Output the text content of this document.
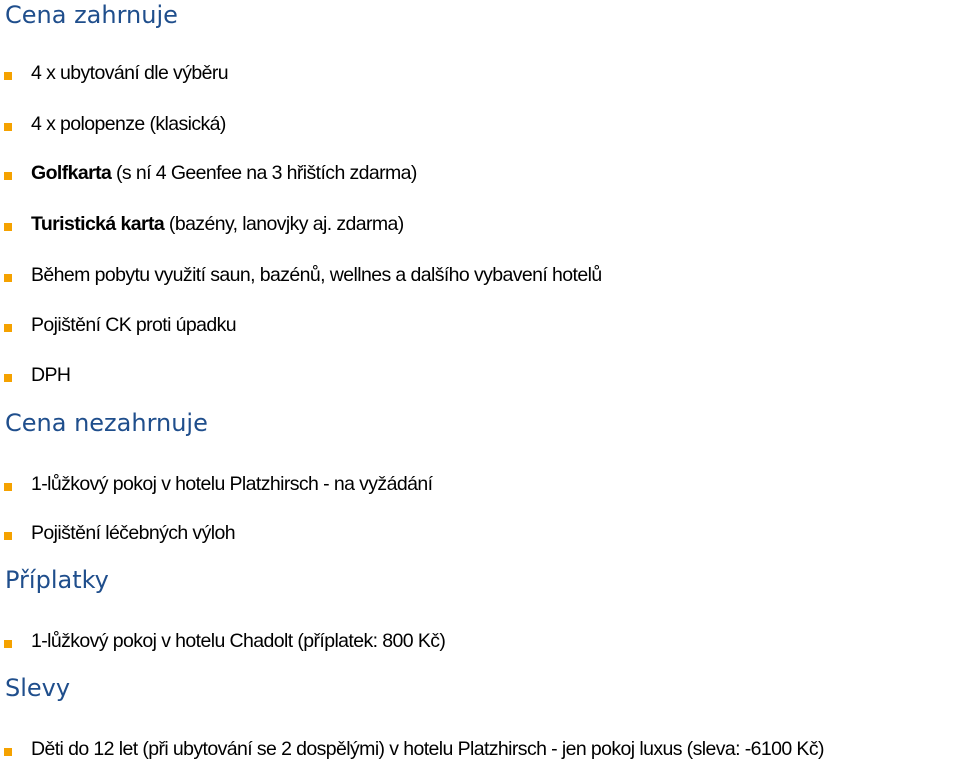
Cena zahrnuje
4 x ubytování dle výběru
4 x polopenze (klasická)
Golfkarta (s ní 4 Geenfee na 3 hřištích zdarma)
Turistická karta (bazény, lanovjky aj. zdarma)
Během pobytu využití saun, bazénů, wellnes a dalšího vybavení hotelů
Pojištění CK proti úpadku
DPH
Cena nezahrnuje
1-lůžkový pokoj v hotelu Platzhirsch - na vyžádání
Pojištění léčebných výloh
Příplatky
1-lůžkový pokoj v hotelu Chadolt (příplatek: 800 Kč)
Slevy
Děti do 12 let (při ubytování se 2 dospělými) v hotelu Platzhirsch - jen pokoj luxus (sleva: -6100 Kč)
